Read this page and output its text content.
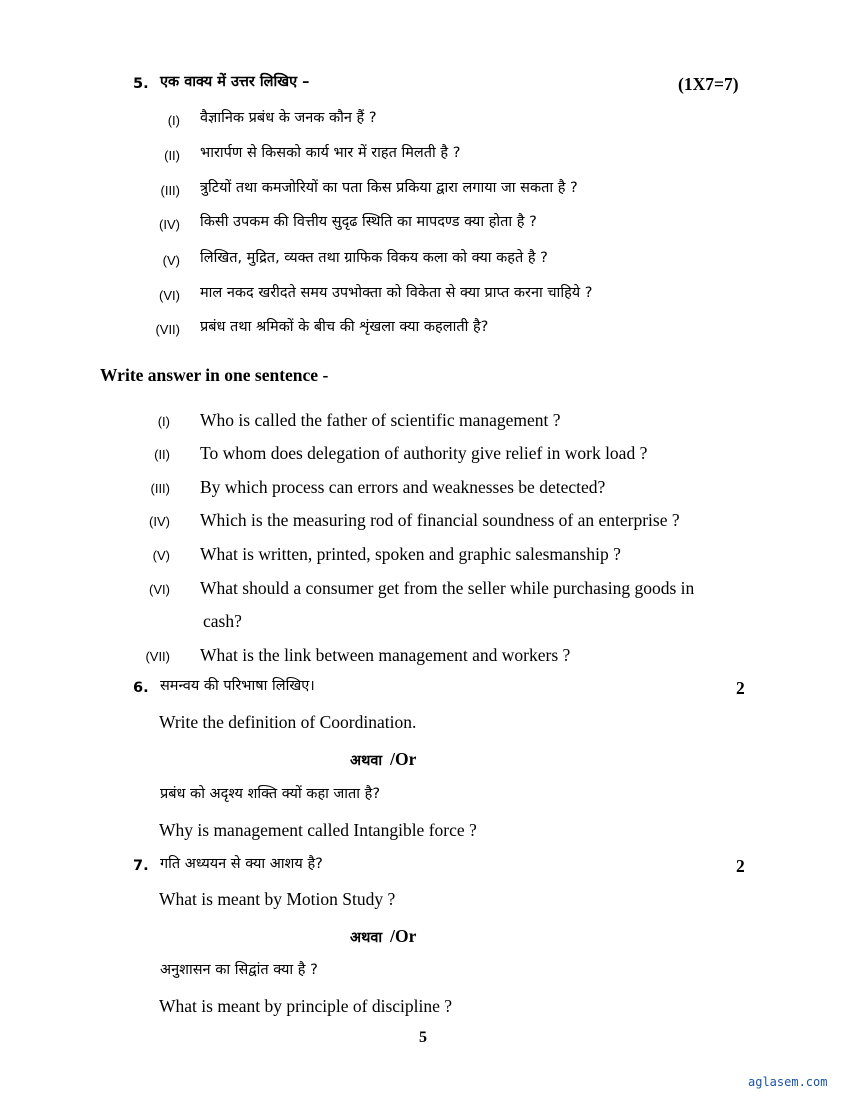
5. एक वाक्य में उत्तर लिखिए –	(1X7=7)
(I) वैज्ञानिक प्रबंध के जनक कौन हैं ?
(II) भारार्पण से किसको कार्य भार में राहत मिलती है ?
(III) त्रुटियों तथा कमजोरियों का पता किस प्रकिया द्वारा लगाया जा सकता है ?
(IV) किसी उपकम की वित्तीय सुदृढ स्थिति का मापदण्ड क्या होता है ?
(V) लिखित, मुद्रित, व्यक्त तथा ग्राफिक विकय कला को क्या कहते है ?
(VI) माल नकद खरीदते समय उपभोक्ता को विकेता से क्या प्राप्त करना चाहिये ?
(VII) प्रबंध तथा श्रमिकों के बीच की शृंखला क्या कहलाती है?
Write answer in one sentence -
(I) Who is called the father of scientific management ?
(II) To whom does delegation of authority give relief in work load ?
(III) By which process can errors and weaknesses be detected?
(IV) Which is the measuring rod of financial soundness of an enterprise ?
(V) What is written, printed, spoken and graphic salesmanship ?
(VI) What should a consumer get from the seller while purchasing goods in
cash?
(VII) What is the link between management and workers ?
6. समन्वय की परिभाषा लिखिए।	2
Write the definition of Coordination.
अथवा /Or
प्रबंध को अदृश्य शक्ति क्यों कहा जाता है?
Why is management called Intangible force ?
7. गति अध्ययन से क्या आशय है?	2
What is meant by Motion Study ?
अथवा /Or
अनुशासन का सिद्वांत क्या है ?
What is meant by principle of discipline ?
5
aglasem.com
